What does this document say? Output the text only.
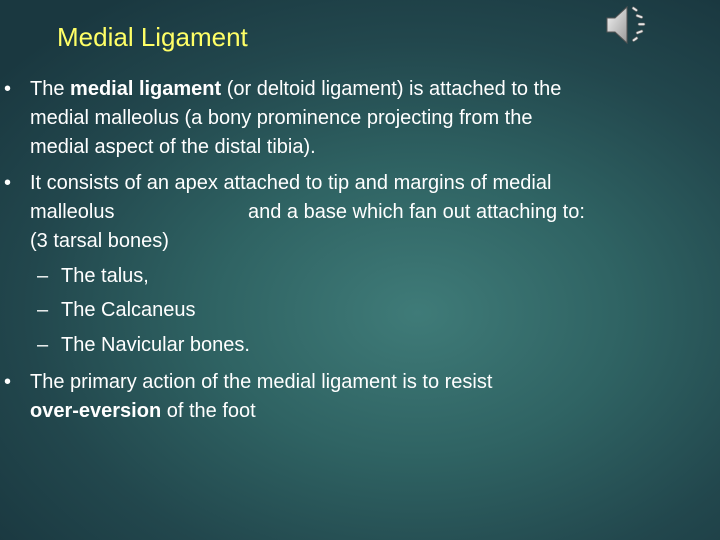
Medial Ligament
• The medial ligament (or deltoid ligament) is attached to the
medial malleolus (a bony prominence projecting from the
medial aspect of the distal tibia).
• It consists of an apex attached to tip and margins of medial
malleolus	and a base which fan out attaching to:
(3 tarsal bones)
– The talus,
– The Calcaneus
– The Navicular bones.
• The primary action of the medial ligament is to resist
over-eversion of the foot
